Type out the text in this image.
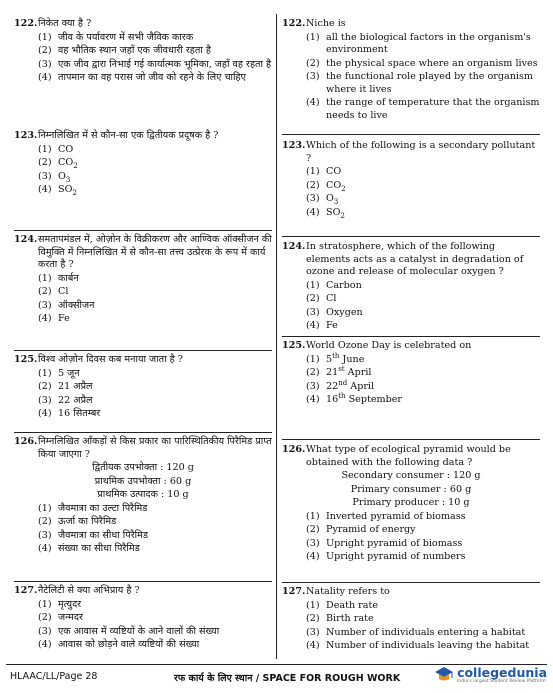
122. निकेत क्या है ?
(1) जीव के पर्यावरण में सभी जैविक कारक
(2) वह भौतिक स्थान जहाँ एक जीवधारी रहता है
(3) एक जीव द्वारा निभाई गई कार्यात्मक भूमिका, जहाँ वह रहता है
(4) तापमान का वह परास जो जीव को रहने के लिए चाहिए
123. निम्नलिखित में से कौन-सा एक द्वितीयक प्रदूषक है ?
(1) CO
(2) $CO_2$
(3) $O_3$
(4) $SO_2$
124. समतापमंडल में, ओज़ोन के विक्रीकरण और आण्विक ऑक्सीजन की विमुक्ति में निम्नलिखित में से कौन-सा तत्त्व उत्प्रेरक के रूप में कार्य करता है ?
(1) कार्बन
(2) Cl
(3) ऑक्सीजन
(4) Fe
125. विश्व ओज़ोन दिवस कब मनाया जाता है ?
(1) 5 जून
(2) 21 अप्रैल
(3) 22 अप्रैल
(4) 16 सितम्बर
126. निम्नलिखित आँकड़ों से किस प्रकार का पारिस्थितिकीय पिरैमिड प्राप्त किया जाएगा ?
द्वितीयक उपभोक्ता : 120 g
प्राथमिक उपभोक्ता : 60 g
प्राथमिक उत्पादक : 10 g
(1) जैवमात्रा का उल्टा पिरैमिड
(2) ऊर्जा का पिरैमिड
(3) जैवमात्रा का सीधा पिरैमिड
(4) संख्या का सीधा पिरैमिड
127. नैटेलिटी से क्या अभिप्राय है ?
(1) मृत्युदर
(2) जन्मदर
(3) एक आवास में व्यष्टियों के आने वालों की संख्या
(4) आवास को छोड़ने वाले व्यष्टियों की संख्या
122. Niche is
(1) all the biological factors in the organism's environment
(2) the physical space where an organism lives
(3) the functional role played by the organism where it lives
(4) the range of temperature that the organism needs to live
123. Which of the following is a secondary pollutant ?
(1) CO
(2) $CO_2$
(3) $O_3$
(4) $SO_2$
124. In stratosphere, which of the following elements acts as a catalyst in degradation of ozone and release of molecular oxygen ?
(1) Carbon
(2) Cl
(3) Oxygen
(4) Fe
125. World Ozone Day is celebrated on
(1) 5th June
(2) 21st April
(3) 22nd April
(4) 16th September
126. What type of ecological pyramid would be obtained with the following data ?
Secondary consumer : 120 g
Primary consumer : 60 g
Primary producer : 10 g
(1) Inverted pyramid of biomass
(2) Pyramid of energy
(3) Upright pyramid of biomass
(4) Upright pyramid of numbers
127. Natality refers to
(1) Death rate
(2) Birth rate
(3) Number of individuals entering a habitat
(4) Number of individuals leaving the habitat
HLAAC/LL/Page 28	रफ कार्य के लिए स्थान / SPACE FOR ROUGH WORK	collegedunia
India's largest Student Review Platform
